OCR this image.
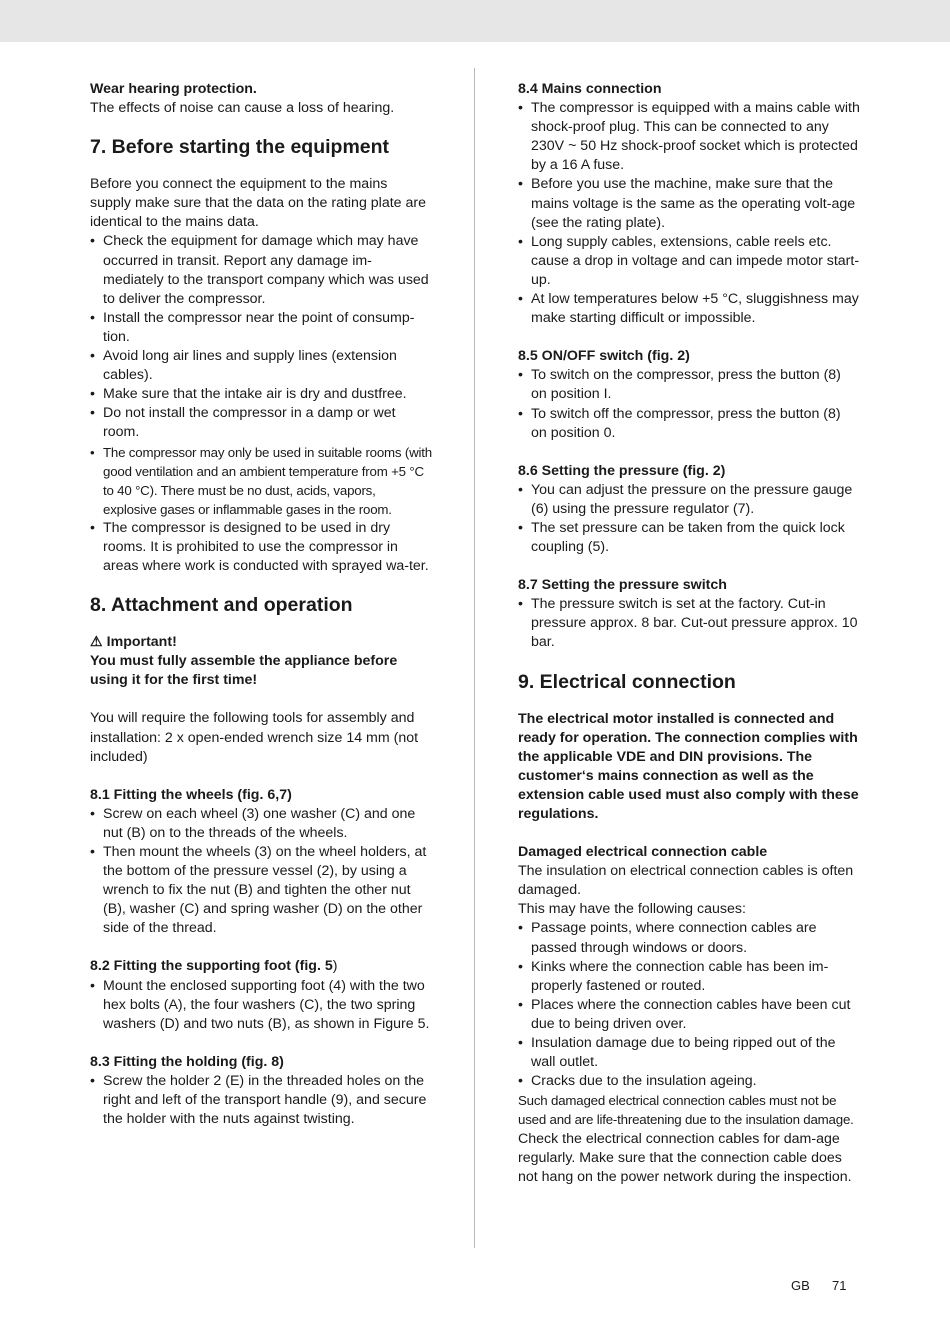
Wear hearing protection.

The effects of noise can cause a loss of hearing.

7. Before starting the equipment

Before you connect the equipment to the mains supply make sure that the data on the rating plate are identical to the mains data.

• Check the equipment for damage which may have occurred in transit. Report any damage im-mediately to the transport company which was used to deliver the compressor.
• Install the compressor near the point of consump-tion.
• Avoid long air lines and supply lines (extension cables).
• Make sure that the intake air is dry and dustfree.
• Do not install the compressor in a damp or wet room.
• The compressor may only be used in suitable rooms (with good ventilation and an ambient temperature from +5 °C to 40 °C). There must be no dust, acids, vapors, explosive gases or inflammable gases in the room.
• The compressor is designed to be used in dry rooms. It is prohibited to use the compressor in areas where work is conducted with sprayed wa-ter.
8. Attachment and operation

⚠ Important!

You must fully assemble the appliance before using it for the first time!

You will require the following tools for assembly and installation: 2 x open-ended wrench size 14 mm (not included)

8.1 Fitting the wheels (fig. 6,7)
• Screw on each wheel (3) one washer (C) and one nut (B) on to the threads of the wheels.
• Then mount the wheels (3) on the wheel holders, at the bottom of the pressure vessel (2), by using a wrench to fix the nut (B) and tighten the other nut (B), washer (C) and spring washer (D) on the other side of the thread.
8.2 Fitting the supporting foot (fig. 5)
• Mount the enclosed supporting foot (4) with the two hex bolts (A), the four washers (C), the two spring washers (D) and two nuts (B), as shown in Figure 5.
8.3 Fitting the holding (fig. 8)
• Screw the holder 2 (E) in the threaded holes on the right and left of the transport handle (9), and secure the holder with the nuts against twisting.
8.4 Mains connection
• The compressor is equipped with a mains cable with shock-proof plug. This can be connected to any 230V ~ 50 Hz shock-proof socket which is protected by a 16 A fuse.
• Before you use the machine, make sure that the mains voltage is the same as the operating volt-age (see the rating plate).
• Long supply cables, extensions, cable reels etc. cause a drop in voltage and can impede motor start-up.
• At low temperatures below +5 °C, sluggishness may make starting difficult or impossible.
8.5 ON/OFF switch (fig. 2)
• To switch on the compressor, press the button (8) on position I.
• To switch off the compressor, press the button (8) on position 0.
8.6 Setting the pressure (fig. 2)
• You can adjust the pressure on the pressure gauge (6) using the pressure regulator (7).
• The set pressure can be taken from the quick lock coupling (5).
8.7 Setting the pressure switch
• The pressure switch is set at the factory. Cut-in pressure approx. 8 bar. Cut-out pressure approx. 10 bar.
9. Electrical connection

The electrical motor installed is connected and ready for operation. The connection complies with the applicable VDE and DIN provisions. The customer‘s mains connection as well as the extension cable used must also comply with these regulations.

Damaged electrical connection cable

The insulation on electrical connection cables is often damaged.

This may have the following causes:

• Passage points, where connection cables are passed through windows or doors.
• Kinks where the connection cable has been im-properly fastened or routed.
• Places where the connection cables have been cut due to being driven over.
• Insulation damage due to being ripped out of the wall outlet.
• Cracks due to the insulation ageing.

Such damaged electrical connection cables must not be used and are life-threatening due to the insulation damage.

Check the electrical connection cables for dam-age regularly. Make sure that the connection cable does not hang on the power network during the inspection.

GB 71
